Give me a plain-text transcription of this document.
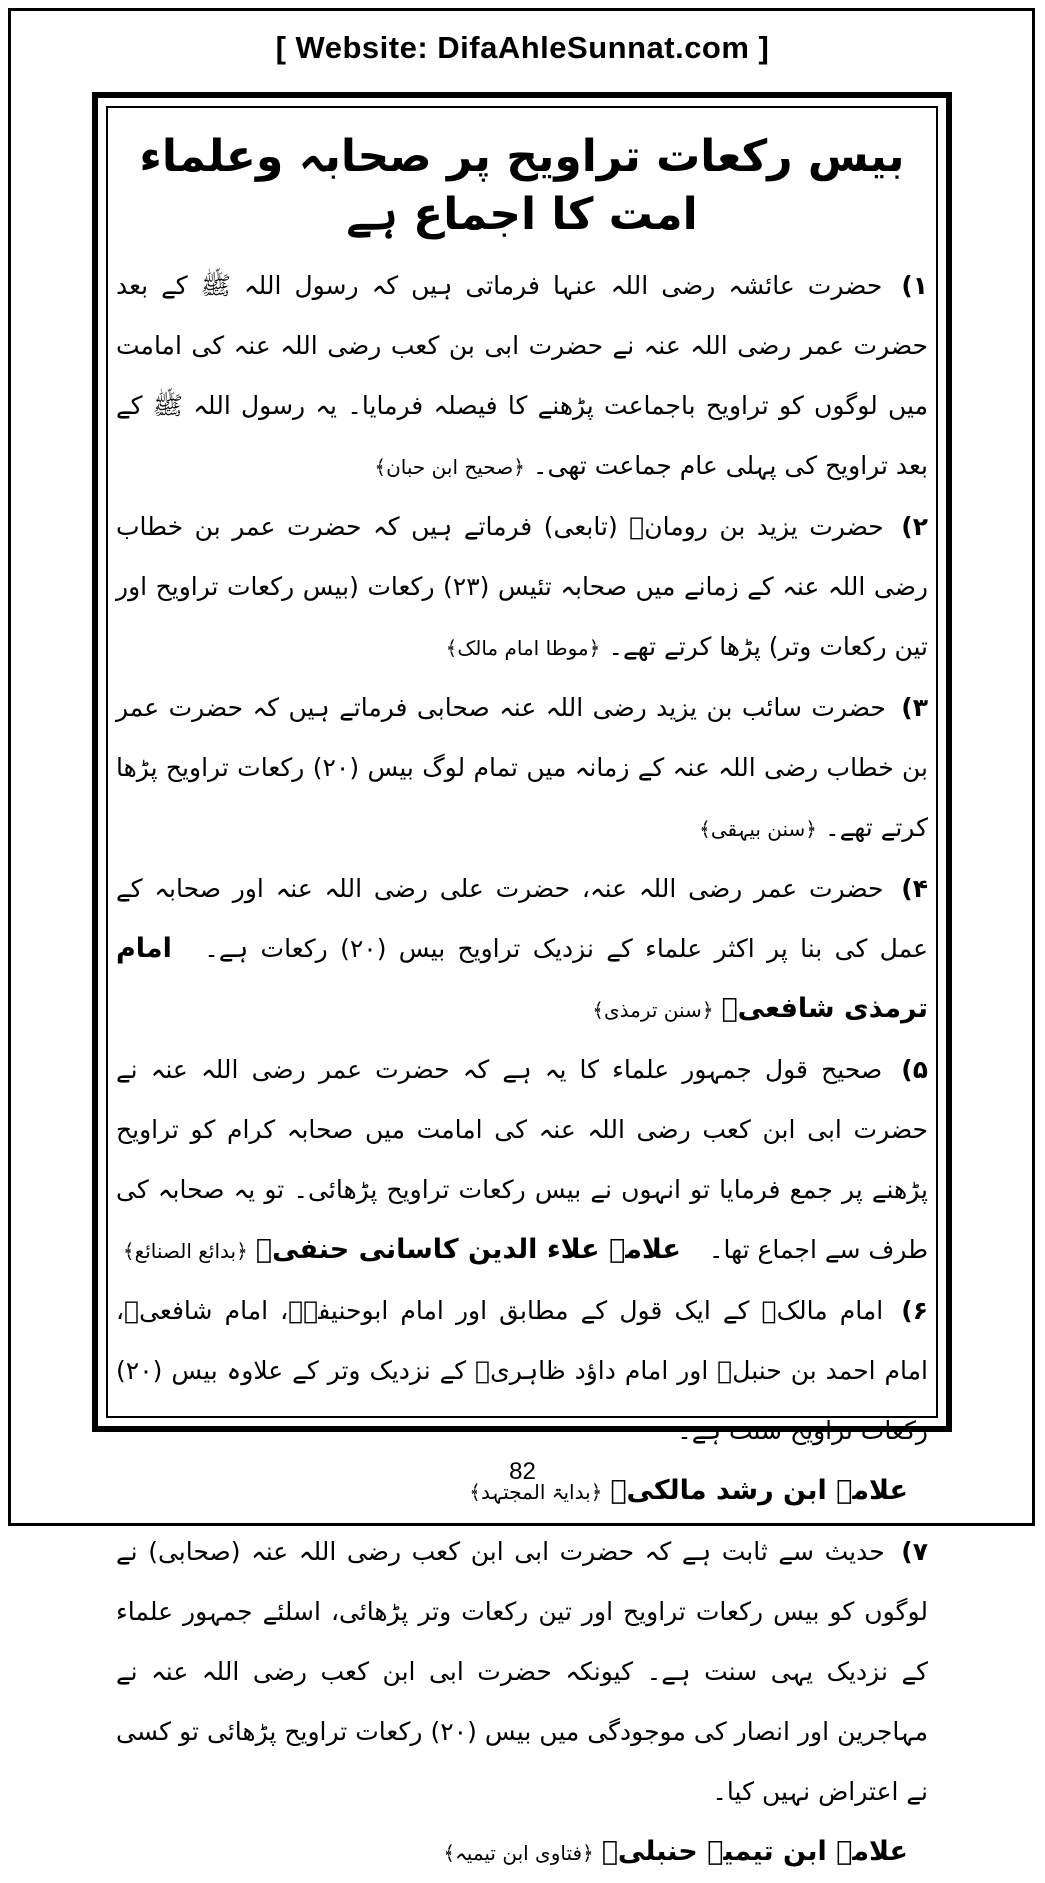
[ Website: DifaAhleSunnat.com ]
بیس رکعات تراویح پر صحابہ وعلماء امت کا اجماع ہے

۱) حضرت عائشہ رضی اللہ عنہا فرماتی ہیں کہ رسول اللہ ﷺ کے بعد حضرت عمر رضی اللہ عنہ نے حضرت ابی بن کعب رضی اللہ عنہ کی امامت میں لوگوں کو تراویح باجماعت پڑھنے کا فیصلہ فرمایا۔ یہ رسول اللہ ﷺ کے بعد تراویح کی پہلی عام جماعت تھی۔ ﴿صحیح ابن حبان﴾

۲) حضرت یزید بن رومانؒ (تابعی) فرماتے ہیں کہ حضرت عمر بن خطاب رضی اللہ عنہ کے زمانے میں صحابہ تئیس (۲۳) رکعات (بیس رکعات تراویح اور تین رکعات وتر) پڑھا کرتے تھے۔ ﴿موطا امام مالک﴾

۳) حضرت سائب بن یزید رضی اللہ عنہ صحابی فرماتے ہیں کہ حضرت عمر بن خطاب رضی اللہ عنہ کے زمانہ میں تمام لوگ بیس (۲۰) رکعات تراویح پڑھا کرتے تھے۔ ﴿سنن بیہقی﴾

۴) حضرت عمر رضی اللہ عنہ، حضرت علی رضی اللہ عنہ اور صحابہ کے عمل کی بنا پر اکثر علماء کے نزدیک تراویح بیس (۲۰) رکعات ہے۔ امام ترمذی شافعیؒ ﴿سنن ترمذی﴾

۵) صحیح قول جمہور علماء کا یہ ہے کہ حضرت عمر رضی اللہ عنہ نے حضرت ابی ابن کعب رضی اللہ عنہ کی امامت میں صحابہ کرام کو تراویح پڑھنے پر جمع فرمایا تو انہوں نے بیس رکعات تراویح پڑھائی۔ تو یہ صحابہ کی طرف سے اجماع تھا۔ علامہ علاء الدین کاسانی حنفیؒ ﴿بدائع الصنائع﴾

۶) امام مالکؒ کے ایک قول کے مطابق اور امام ابوحنیفہؒ، امام شافعیؒ، امام احمد بن حنبلؒ اور امام داؤد ظاہریؒ کے نزدیک وتر کے علاوہ بیس (۲۰) رکعات تراویح سنت ہے۔

علامہ ابن رشد مالکیؒ ﴿بدایۃ المجتہد﴾

۷) حدیث سے ثابت ہے کہ حضرت ابی ابن کعب رضی اللہ عنہ (صحابی) نے لوگوں کو بیس رکعات تراویح اور تین رکعات وتر پڑھائی، اسلئے جمہور علماء کے نزدیک یہی سنت ہے۔ کیونکہ حضرت ابی ابن کعب رضی اللہ عنہ نے مہاجرین اور انصار کی موجودگی میں بیس (۲۰) رکعات تراویح پڑھائی تو کسی نے اعتراض نہیں کیا۔

علامہ ابن تیمیہ حنبلیؒ ﴿فتاوی ابن تیمیہ﴾

82
